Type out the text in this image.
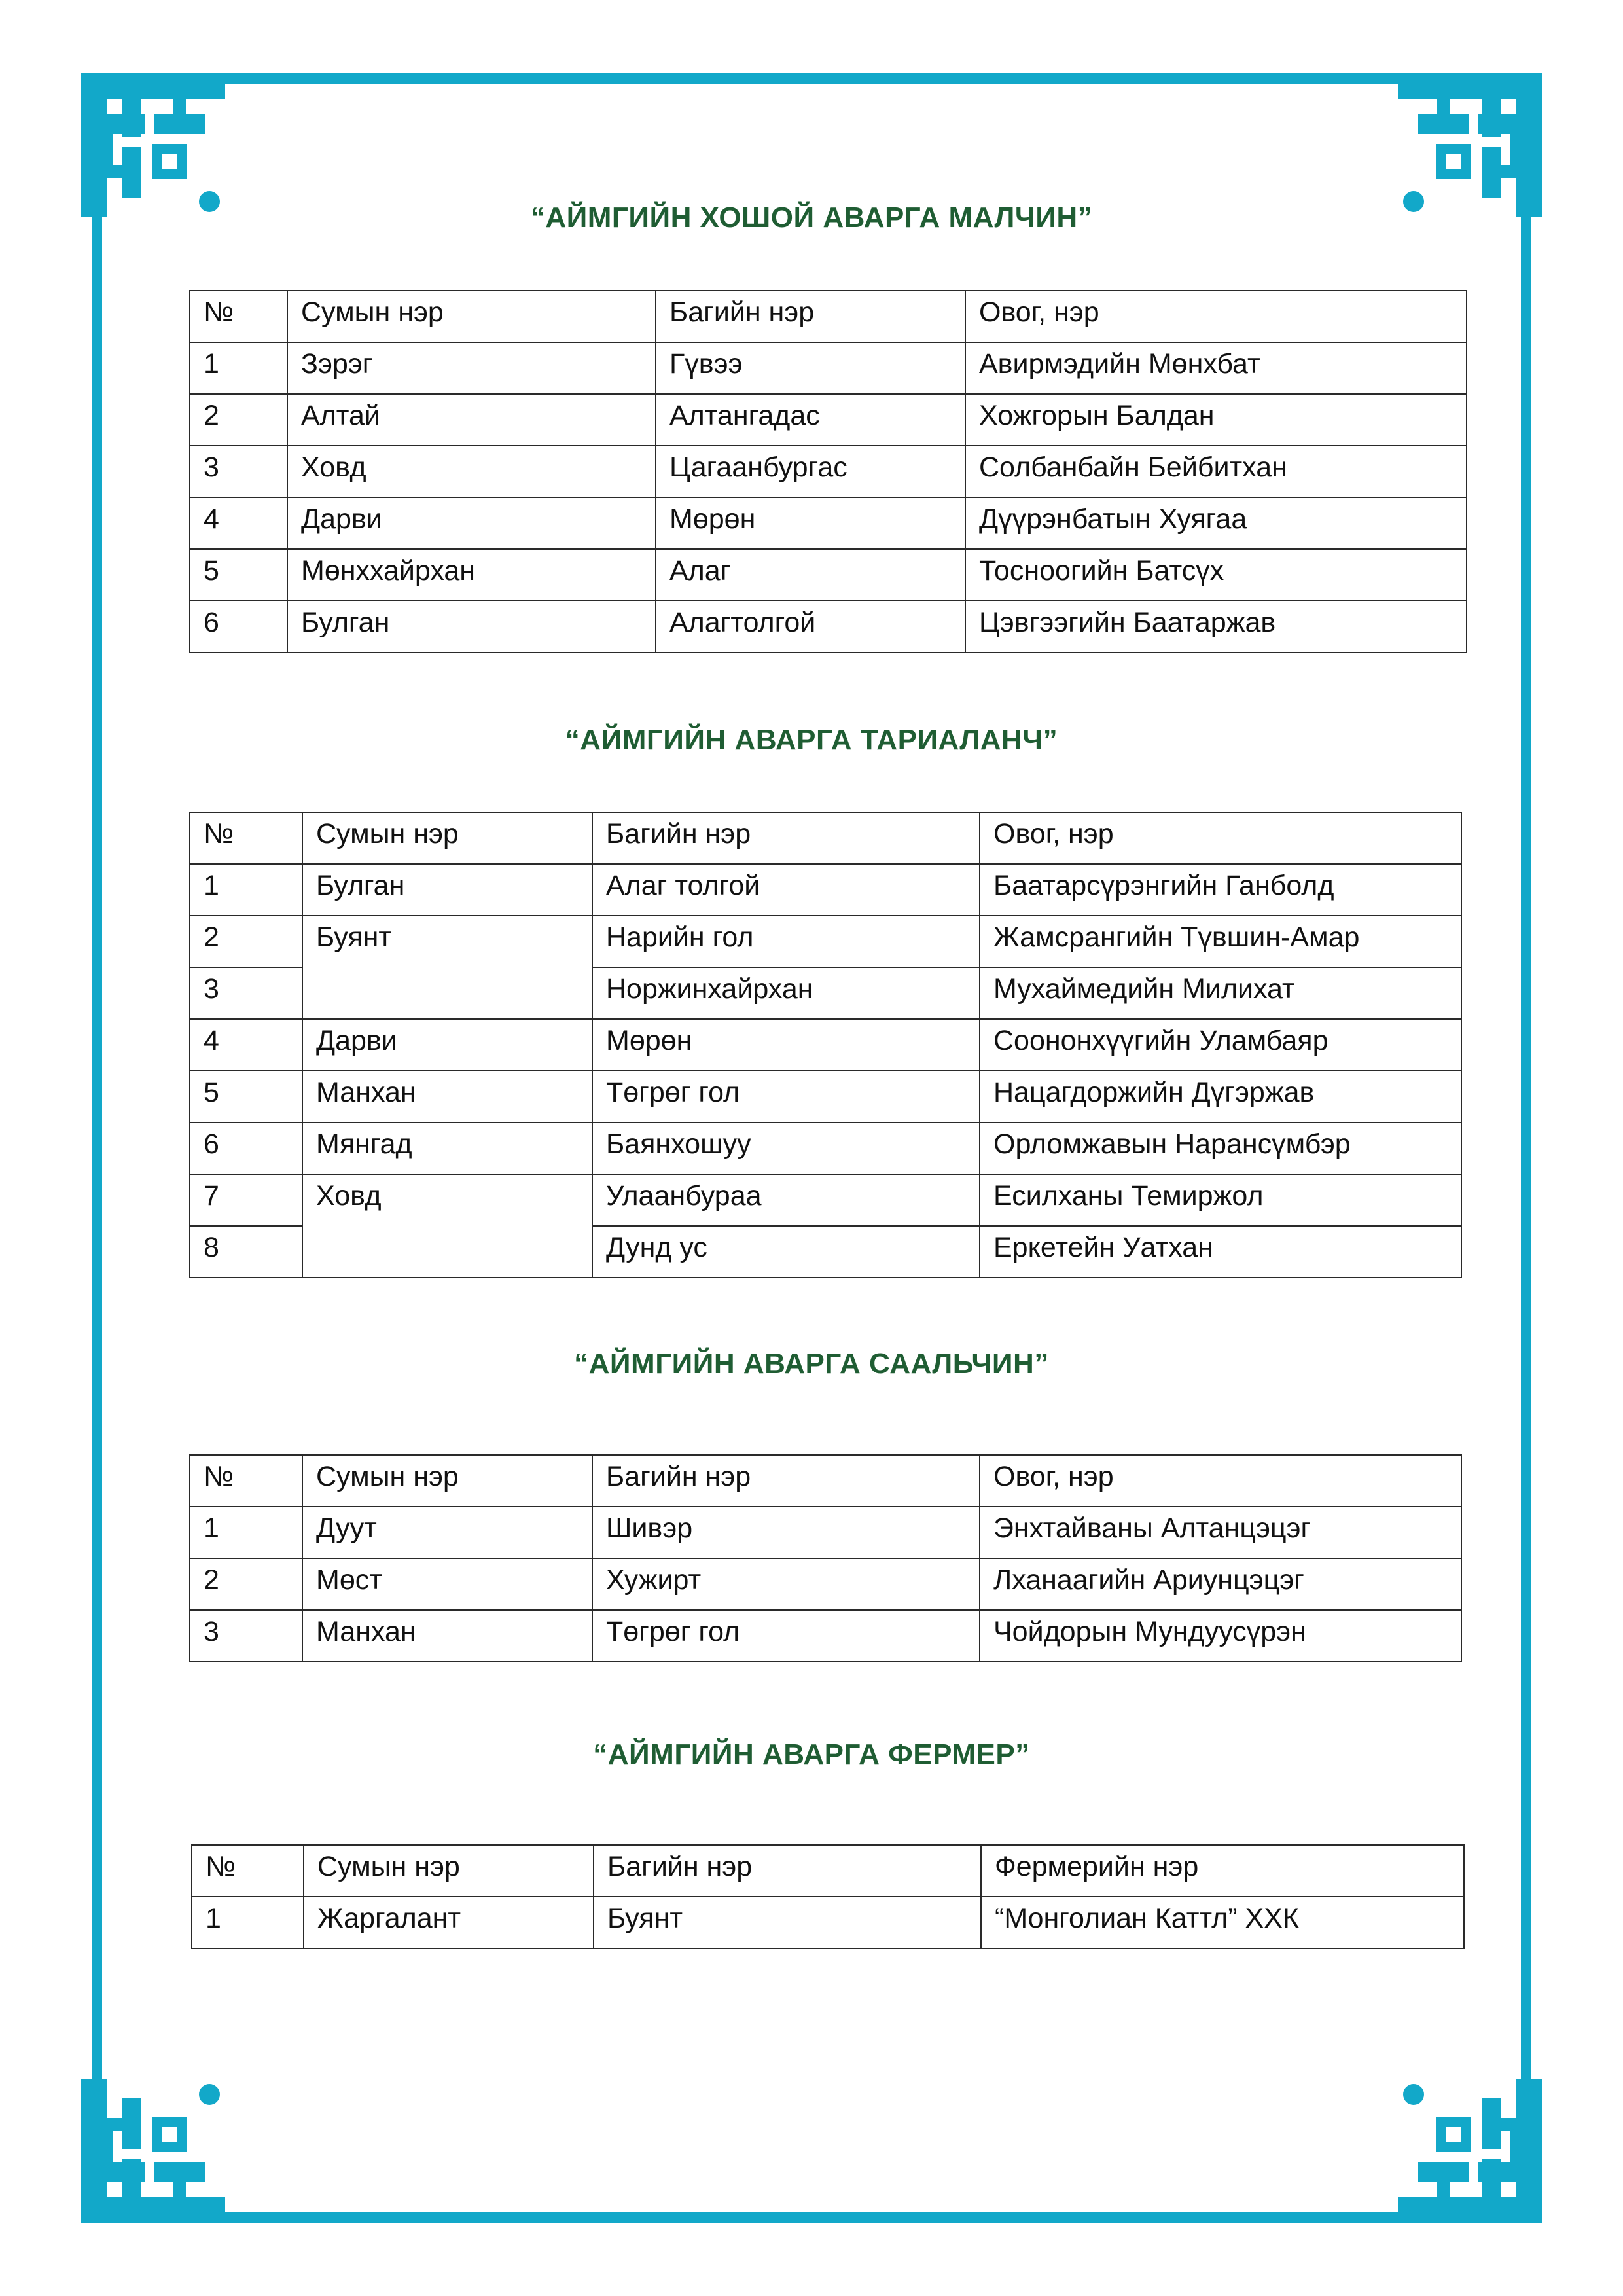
“АЙМГИЙН ХОШОЙ АВАРГА МАЛЧИН”
№	Сумын нэр	Багийн нэр	Овог, нэр
1	Зэрэг	Гүвээ	Авирмэдийн Мөнхбат
2	Алтай	Алтангадас	Хожгорын Балдан
3	Ховд	Цагаанбургас	Солбанбайн Бейбитхан
4	Дарви	Мөрөн	Дүүрэнбатын Хуягаа
5	Мөнххайрхан	Алаг	Тосноогийн Батсүх
6	Булган	Алагтолгой	Цэвгээгийн Баатаржав
“АЙМГИЙН АВАРГА ТАРИАЛАНЧ”
№	Сумын нэр	Багийн нэр	Овог, нэр
1	Булган	Алаг толгой	Баатарсүрэнгийн Ганболд
2	Буянт	Нарийн гол	Жамсрангийн Түвшин-Амар
3		Норжинхайрхан	Мухаймедийн Милихат
4	Дарви	Мөрөн	Соононхүүгийн Уламбаяр
5	Манхан	Төгрөг гол	Нацагдоржийн Дүгэржав
6	Мянгад	Баянхошуу	Орломжавын Нарансүмбэр
7	Ховд	Улаанбураа	Есилханы Темиржол
8		Дунд ус	Еркетейн Уатхан
“АЙМГИЙН АВАРГА СААЛЬЧИН”
№	Сумын нэр	Багийн нэр	Овог, нэр
1	Дуут	Шивэр	Энхтайваны Алтанцэцэг
2	Мөст	Хужирт	Лханаагийн Ариунцэцэг
3	Манхан	Төгрөг гол	Чойдорын Мундуусүрэн
“АЙМГИЙН АВАРГА ФЕРМЕР”
№	Сумын нэр	Багийн нэр	Фермерийн нэр
1	Жаргалант	Буянт	“Монголиан Каттл” ХХК
